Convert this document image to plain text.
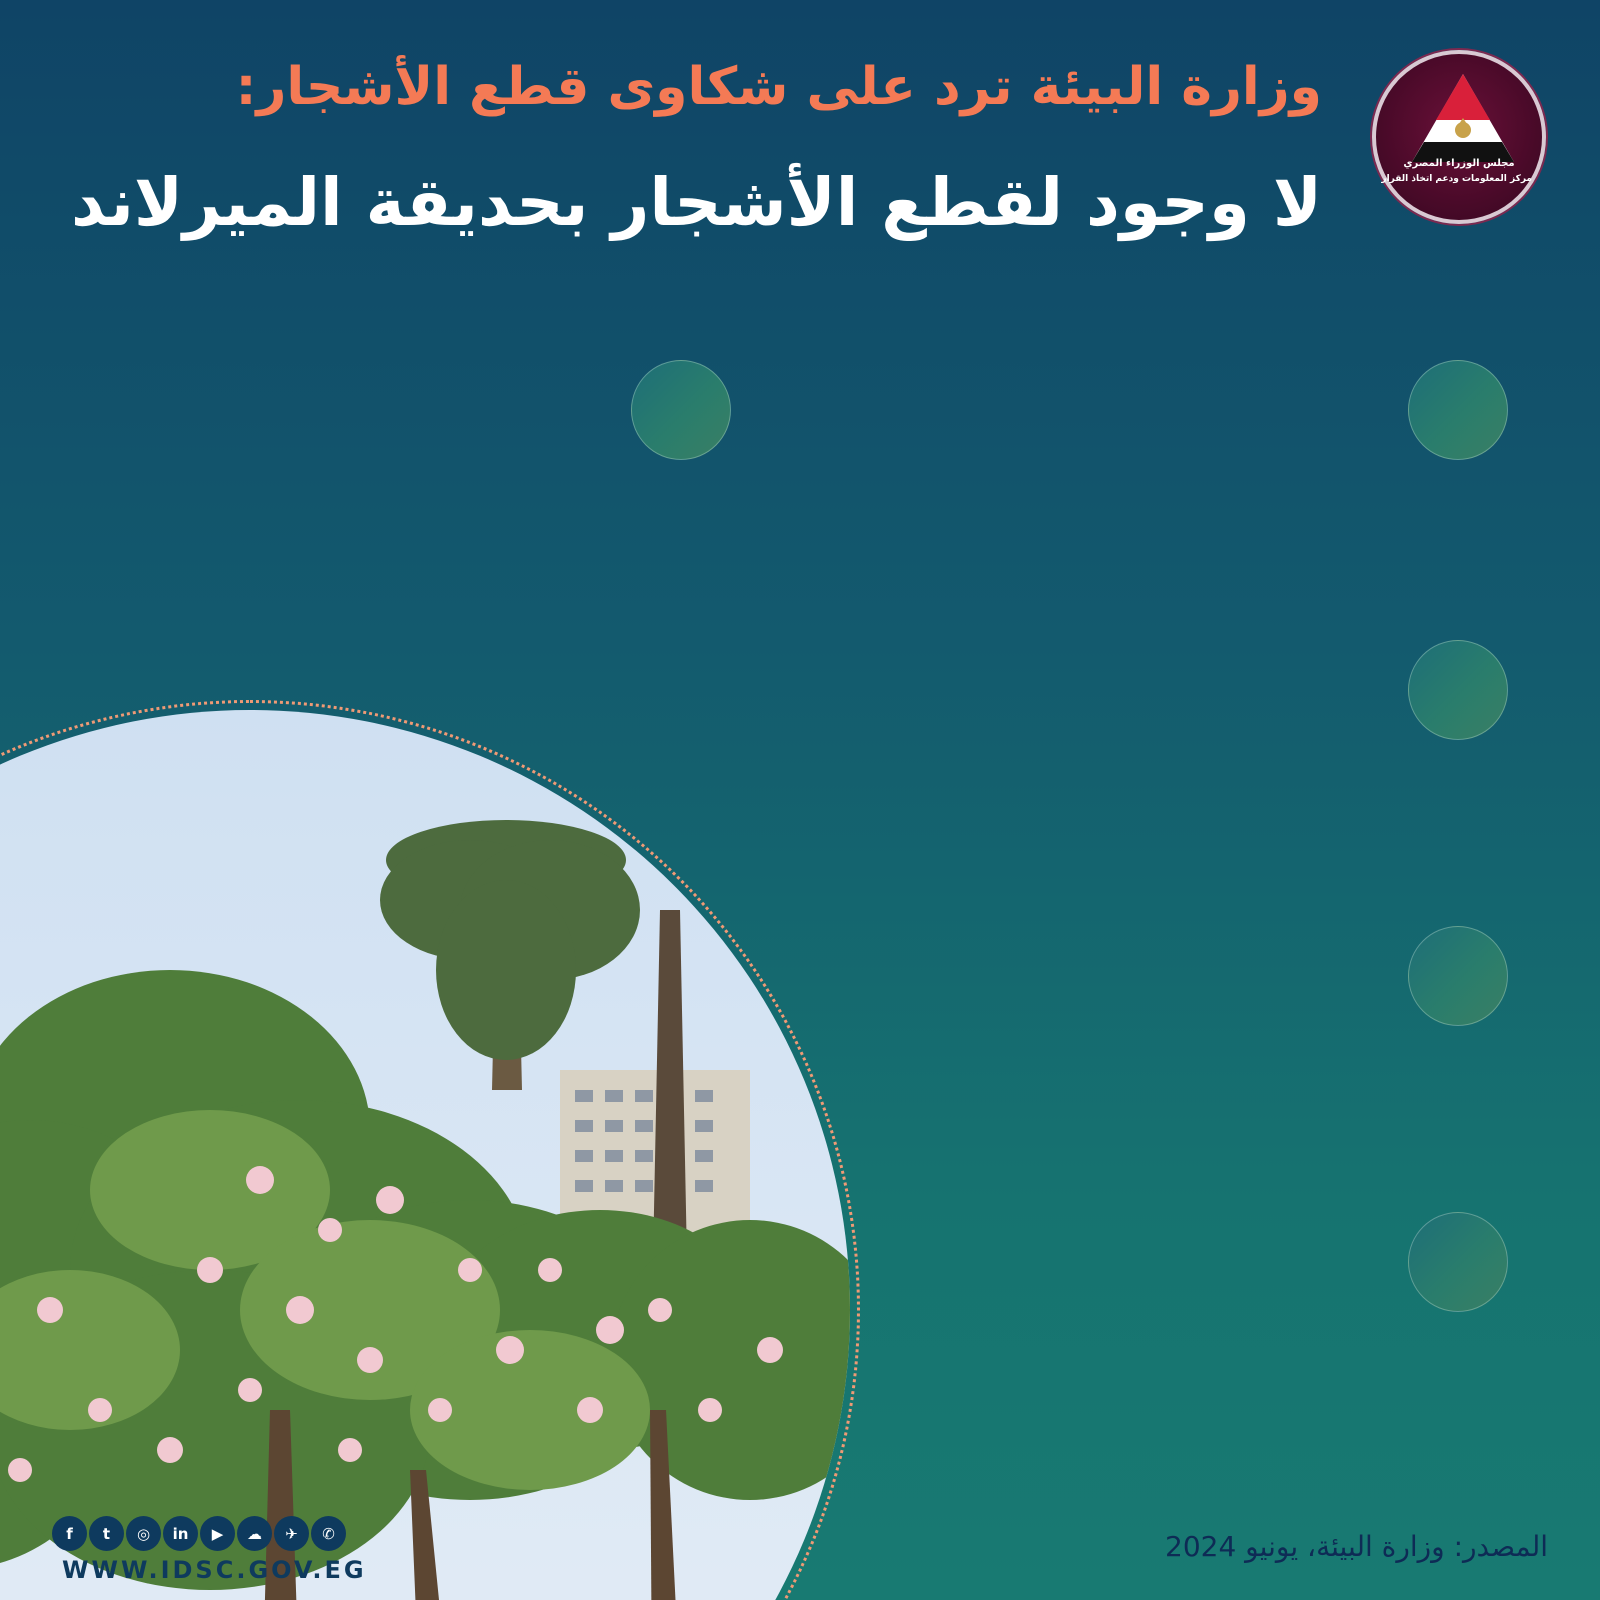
مجلس الوزراء المصري
مركز المعلومات ودعم اتخاذ القرار
وزارة البيئة ترد على شكاوى قطع الأشجار:
لا وجود لقطع الأشجار بحديقة الميرلاند
f	t	◎	in	▶	☁	✈	✆
WWW.IDSC.GOV.EG
المصدر: وزارة البيئة، يونيو 2024
